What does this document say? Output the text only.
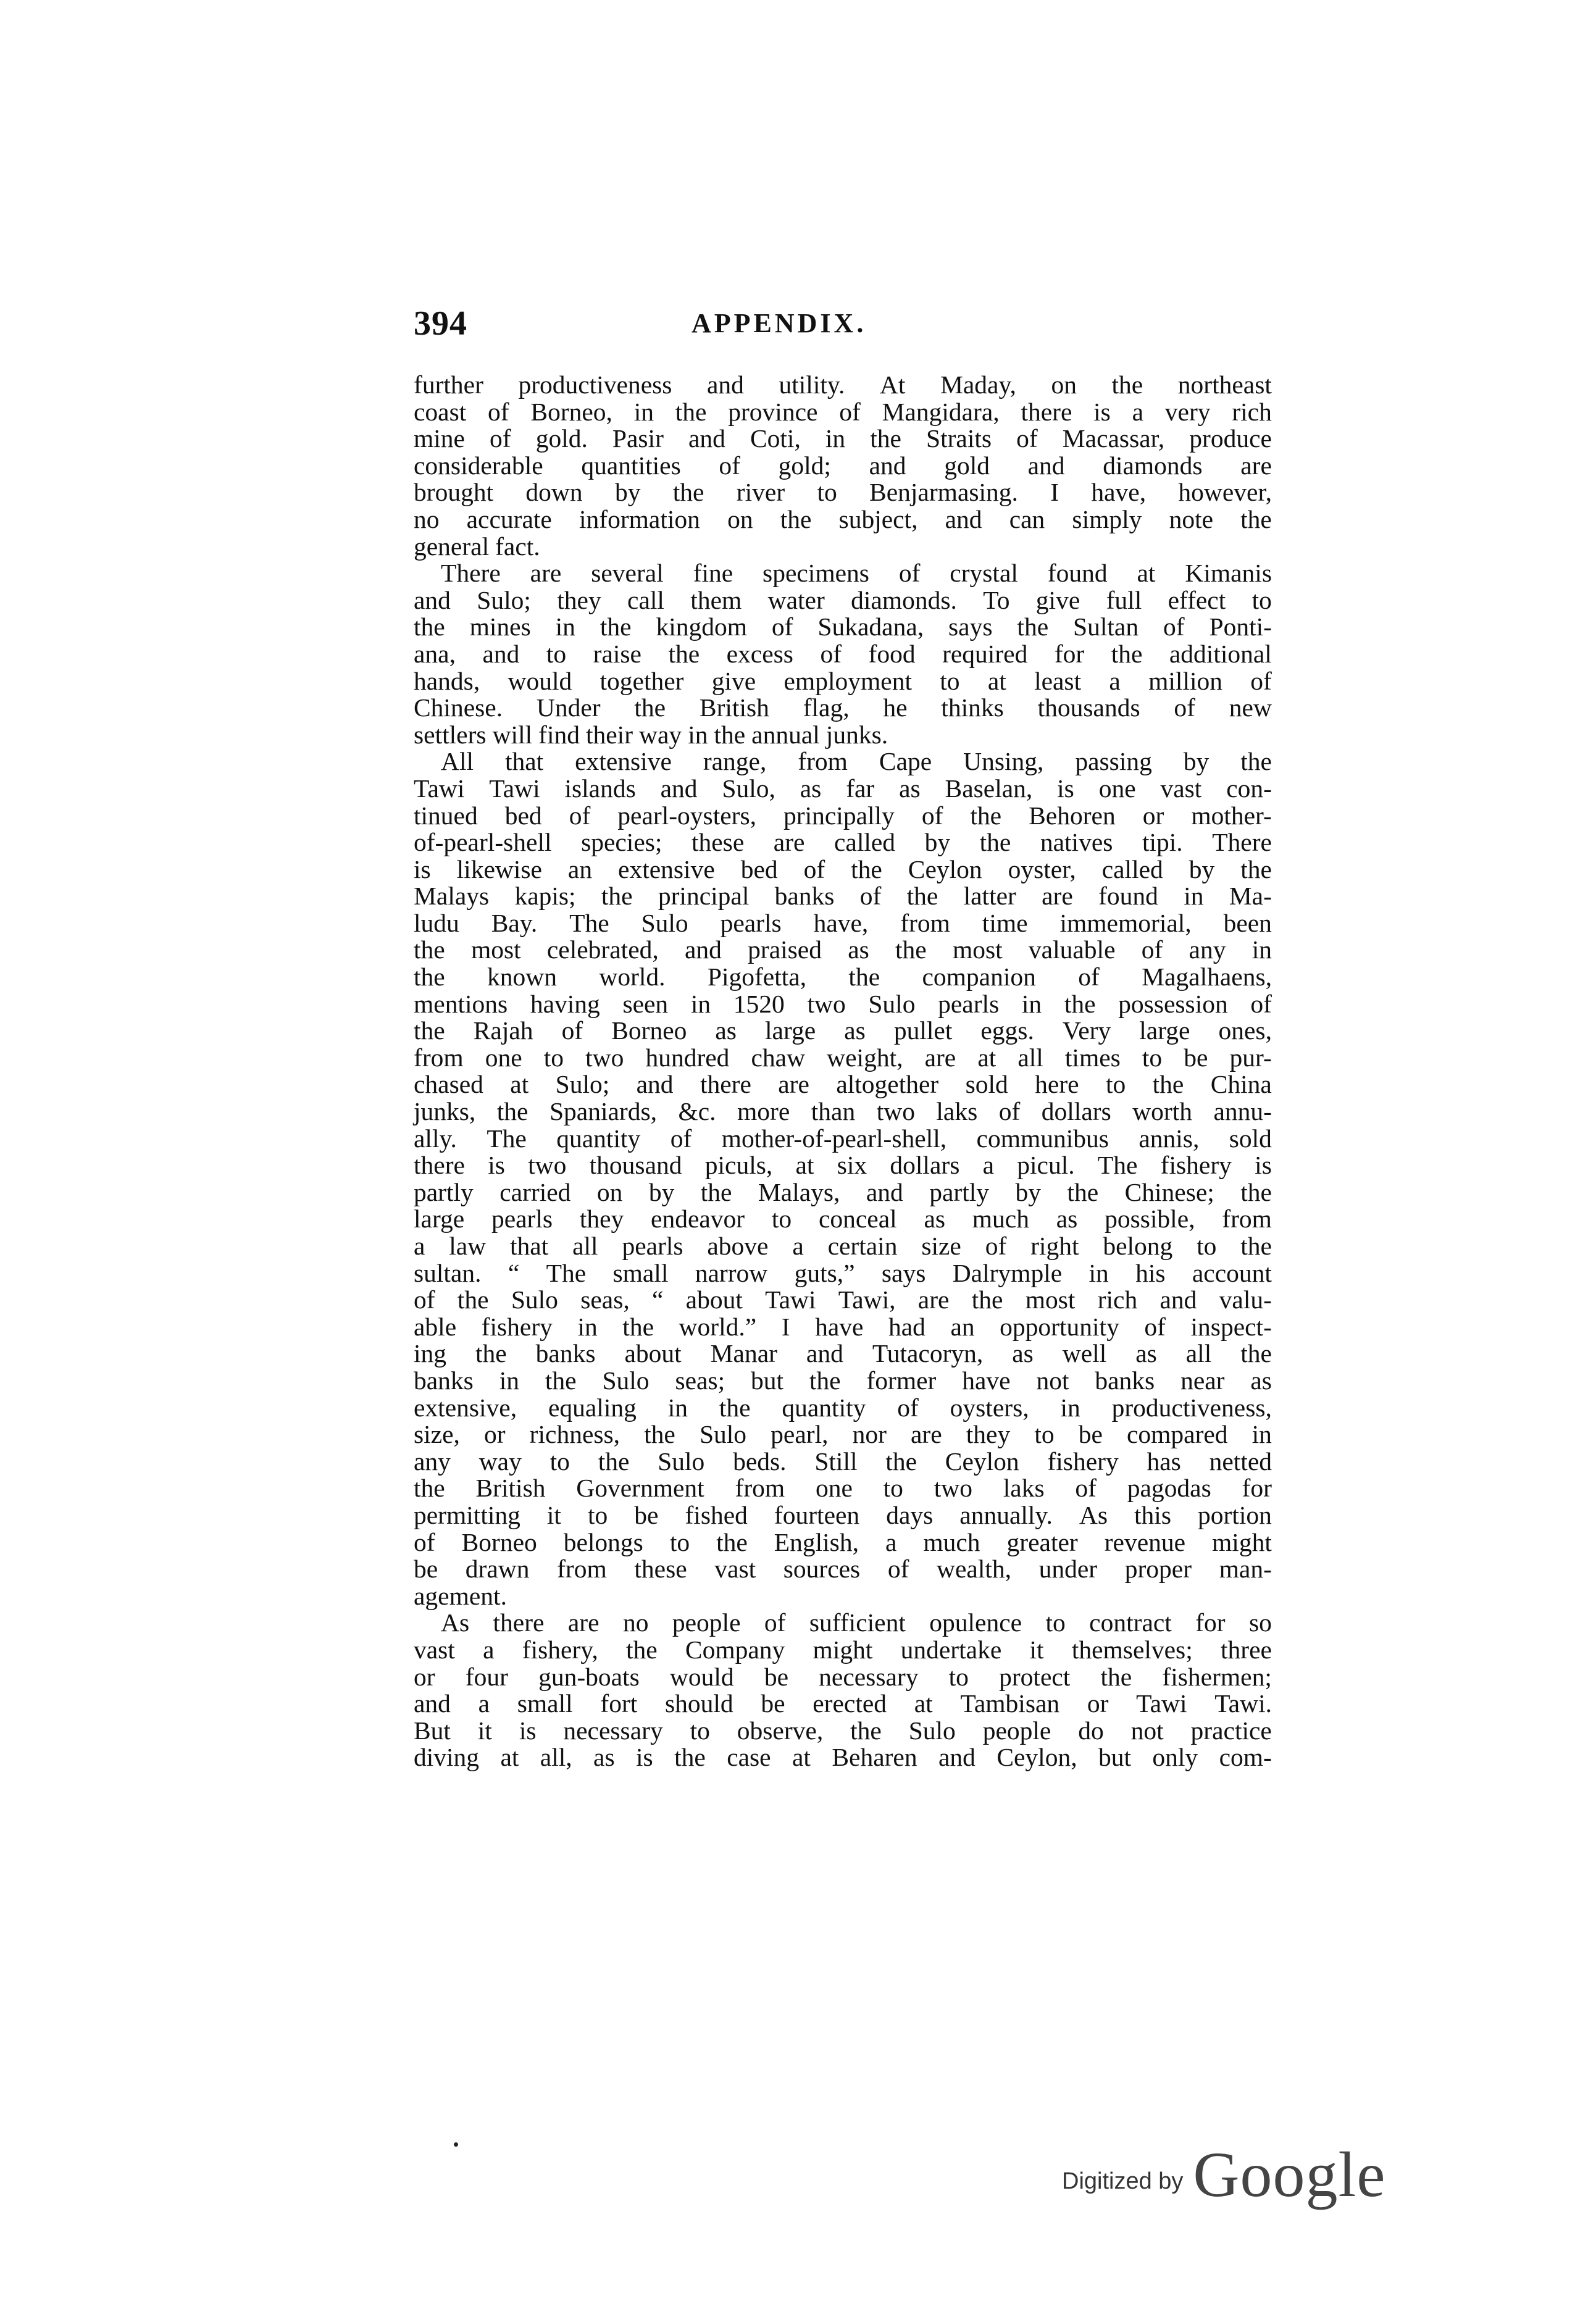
394	APPENDIX.
further productiveness and utility. At Maday, on the northeast
coast of Borneo, in the province of Mangidara, there is a very rich
mine of gold. Pasir and Coti, in the Straits of Macassar, produce
considerable quantities of gold; and gold and diamonds are
brought down by the river to Benjarmasing. I have, however,
no accurate information on the subject, and can simply note the
general fact.
There are several fine specimens of crystal found at Kimanis
and Sulo; they call them water diamonds. To give full effect to
the mines in the kingdom of Sukadana, says the Sultan of Ponti-
ana, and to raise the excess of food required for the additional
hands, would together give employment to at least a million of
Chinese. Under the British flag, he thinks thousands of new
settlers will find their way in the annual junks.
All that extensive range, from Cape Unsing, passing by the
Tawi Tawi islands and Sulo, as far as Baselan, is one vast con-
tinued bed of pearl-oysters, principally of the Behoren or mother-
of-pearl-shell species; these are called by the natives tipi. There
is likewise an extensive bed of the Ceylon oyster, called by the
Malays kapis; the principal banks of the latter are found in Ma-
ludu Bay. The Sulo pearls have, from time immemorial, been
the most celebrated, and praised as the most valuable of any in
the known world. Pigofetta, the companion of Magalhaens,
mentions having seen in 1520 two Sulo pearls in the possession of
the Rajah of Borneo as large as pullet eggs. Very large ones,
from one to two hundred chaw weight, are at all times to be pur-
chased at Sulo; and there are altogether sold here to the China
junks, the Spaniards, &c. more than two laks of dollars worth annu-
ally. The quantity of mother-of-pearl-shell, communibus annis, sold
there is two thousand piculs, at six dollars a picul. The fishery is
partly carried on by the Malays, and partly by the Chinese; the
large pearls they endeavor to conceal as much as possible, from
a law that all pearls above a certain size of right belong to the
sultan. “ The small narrow guts,” says Dalrymple in his account
of the Sulo seas, “ about Tawi Tawi, are the most rich and valu-
able fishery in the world.” I have had an opportunity of inspect-
ing the banks about Manar and Tutacoryn, as well as all the
banks in the Sulo seas; but the former have not banks near as
extensive, equaling in the quantity of oysters, in productiveness,
size, or richness, the Sulo pearl, nor are they to be compared in
any way to the Sulo beds. Still the Ceylon fishery has netted
the British Government from one to two laks of pagodas for
permitting it to be fished fourteen days annually. As this portion
of Borneo belongs to the English, a much greater revenue might
be drawn from these vast sources of wealth, under proper man-
agement.
As there are no people of sufficient opulence to contract for so
vast a fishery, the Company might undertake it themselves; three
or four gun-boats would be necessary to protect the fishermen;
and a small fort should be erected at Tambisan or Tawi Tawi.
But it is necessary to observe, the Sulo people do not practice
diving at all, as is the case at Beharen and Ceylon, but only com-
Digitized by Google
